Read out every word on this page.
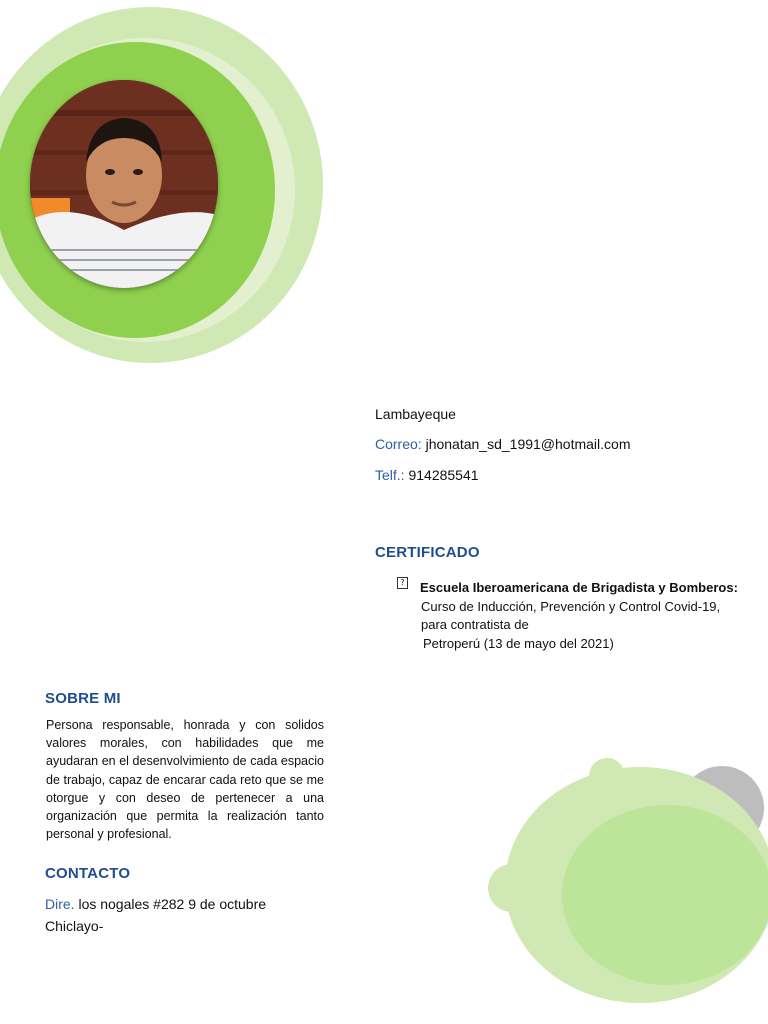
Lambayeque
Correo: jhonatan_sd_1991@hotmail.com
Telf.: 914285541
CERTIFICADO
? Escuela Iberoamericana de Brigadista y Bomberos:
Curso de Inducción, Prevención y Control Covid-19,
para contratista de
Petroperú (13 de mayo del 2021)
SOBRE MI
Persona responsable, honrada y con solidos valores morales, con habilidades que me ayudaran en el desenvolvimiento de cada espacio de trabajo, capaz de encarar cada reto que se me otorgue y con deseo de pertenecer a una organización que permita la realización tanto personal y profesional.
CONTACTO
Dire. los nogales #282 9 de octubre
Chiclayo-
